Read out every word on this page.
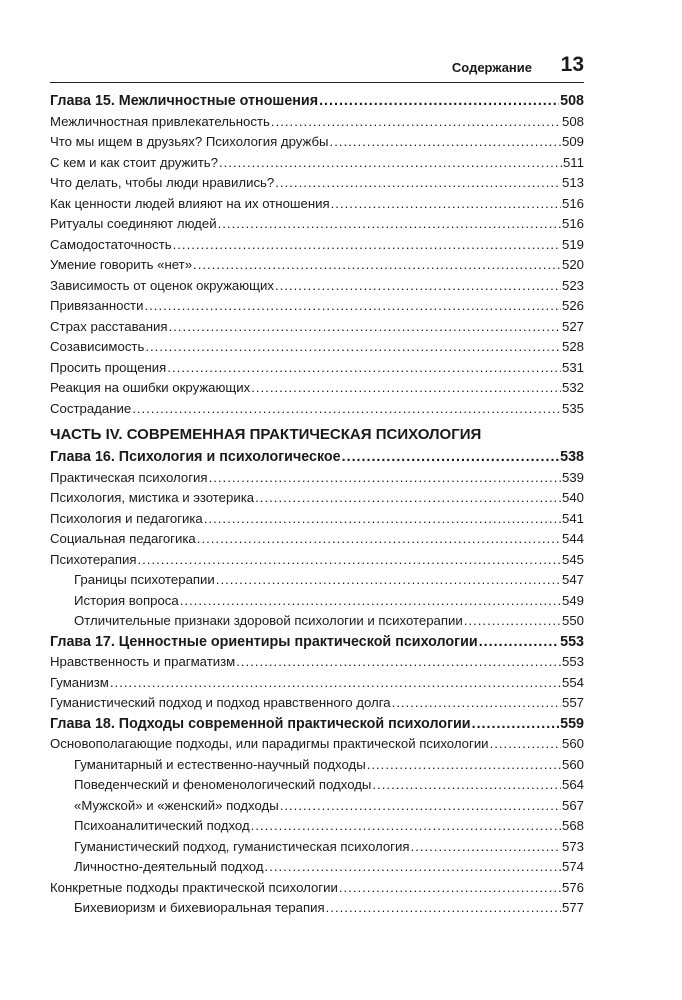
Содержание 13
Глава 15. Межличностные отношения .....	508
Межличностная привлекательность .....	508
Что мы ищем в друзьях? Психология дружбы .....	509
С кем и как стоит дружить? .....	511
Что делать, чтобы люди нравились? .....	513
Как ценности людей влияют на их отношения .....	516
Ритуалы соединяют людей .....	516
Самодостаточность .....	519
Умение говорить «нет» .....	520
Зависимость от оценок окружающих .....	523
Привязанности .....	526
Страх расставания .....	527
Созависимость .....	528
Просить прощения .....	531
Реакция на ошибки окружающих .....	532
Сострадание .....	535
ЧАСТЬ IV. СОВРЕМЕННАЯ ПРАКТИЧЕСКАЯ ПСИХОЛОГИЯ
Глава 16. Психология и психологическое .....	538
Практическая психология .....	539
Психология, мистика и эзотерика .....	540
Психология и педагогика .....	541
Социальная педагогика .....	544
Психотерапия .....	545
Границы психотерапии .....	547
История вопроса .....	549
Отличительные признаки здоровой психологии и психотерапии .....	550
Глава 17. Ценностные ориентиры практической психологии .....	553
Нравственность и прагматизм .....	553
Гуманизм .....	554
Гуманистический подход и подход нравственного долга .....	557
Глава 18. Подходы современной практической психологии .....	559
Основополагающие подходы, или парадигмы практической психологии .....	560
Гуманитарный и естественно-научный подходы .....	560
Поведенческий и феноменологический подходы .....	564
«Мужской» и «женский» подходы .....	567
Психоаналитический подход .....	568
Гуманистический подход, гуманистическая психология .....	573
Личностно-деятельный подход .....	574
Конкретные подходы практической психологии .....	576
Бихевиоризм и бихевиоральная терапия .....	577
